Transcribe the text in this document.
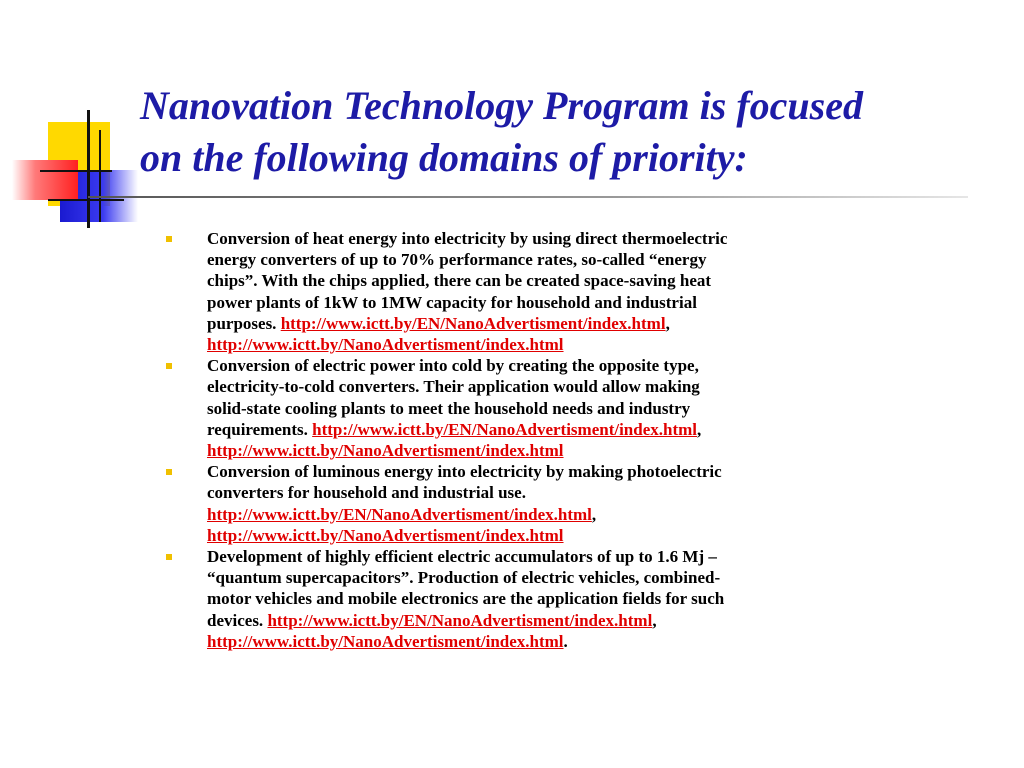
Nanovation Technology Program is focused
on the following domains of priority:
Conversion of heat energy into electricity by using direct thermoelectric
energy converters of up to 70% performance rates, so-called “energy
chips”. With the chips applied, there can be created space-saving heat
power plants of 1kW to 1MW capacity for household and industrial
purposes. http://www.ictt.by/EN/NanoAdvertisment/index.html,
http://www.ictt.by/NanoAdvertisment/index.html
Conversion of electric power into cold by creating the opposite type,
electricity-to-cold converters. Their application would allow making
solid-state cooling plants to meet the household needs and industry
requirements. http://www.ictt.by/EN/NanoAdvertisment/index.html,
http://www.ictt.by/NanoAdvertisment/index.html
Conversion of luminous energy into electricity by making photoelectric
converters for household and industrial use.
http://www.ictt.by/EN/NanoAdvertisment/index.html,
http://www.ictt.by/NanoAdvertisment/index.html
Development of highly efficient electric accumulators of up to 1.6 Mj –
“quantum supercapacitors”. Production of electric vehicles, combined-
motor vehicles and mobile electronics are the application fields for such
devices. http://www.ictt.by/EN/NanoAdvertisment/index.html,
http://www.ictt.by/NanoAdvertisment/index.html.
